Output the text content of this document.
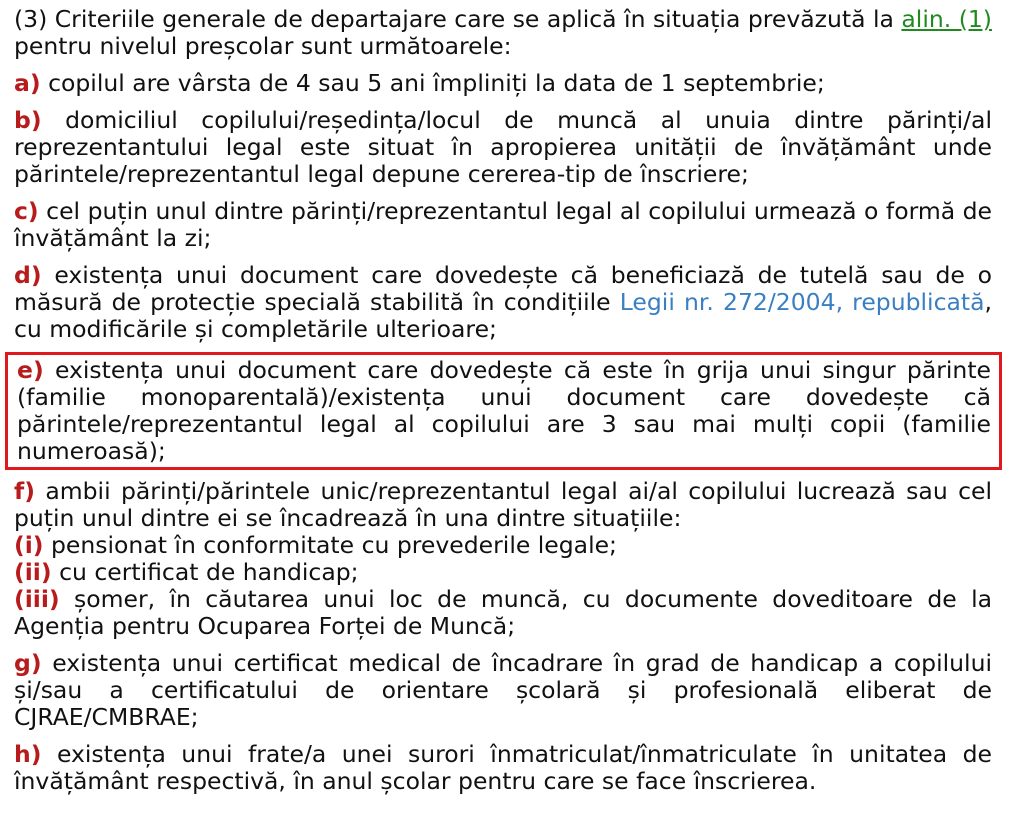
(3) Criteriile generale de departajare care se aplică în situația prevăzută la alin. (1) pentru nivelul preșcolar sunt următoarele:

a) copilul are vârsta de 4 sau 5 ani împliniți la data de 1 septembrie;

b) domiciliul copilului/reședința/locul de muncă al unuia dintre părinți/al reprezentantului legal este situat în apropierea unității de învățământ unde părintele/reprezentantul legal depune cererea-tip de înscriere;

c) cel puțin unul dintre părinți/reprezentantul legal al copilului urmează o formă de învățământ la zi;

d) existența unui document care dovedește că beneficiază de tutelă sau de o măsură de protecție specială stabilită în condițiile Legii nr. 272/2004, republicată, cu modificările și completările ulterioare;

e) existența unui document care dovedește că este în grija unui singur părinte (familie monoparentală)/existența unui document care dovedește că părintele/reprezentantul legal al copilului are 3 sau mai mulți copii (familie numeroasă);

f) ambii părinți/părintele unic/reprezentantul legal ai/al copilului lucrează sau cel puțin unul dintre ei se încadrează în una dintre situațiile:

(i) pensionat în conformitate cu prevederile legale;

(ii) cu certificat de handicap;

(iii) șomer, în căutarea unui loc de muncă, cu documente doveditoare de la Agenția pentru Ocuparea Forței de Muncă;

g) existența unui certificat medical de încadrare în grad de handicap a copilului și/sau a certificatului de orientare școlară și profesională eliberat de CJRAE/CMBRAE;

h) existența unui frate/a unei surori înmatriculat/înmatriculate în unitatea de învățământ respectivă, în anul școlar pentru care se face înscrierea.
